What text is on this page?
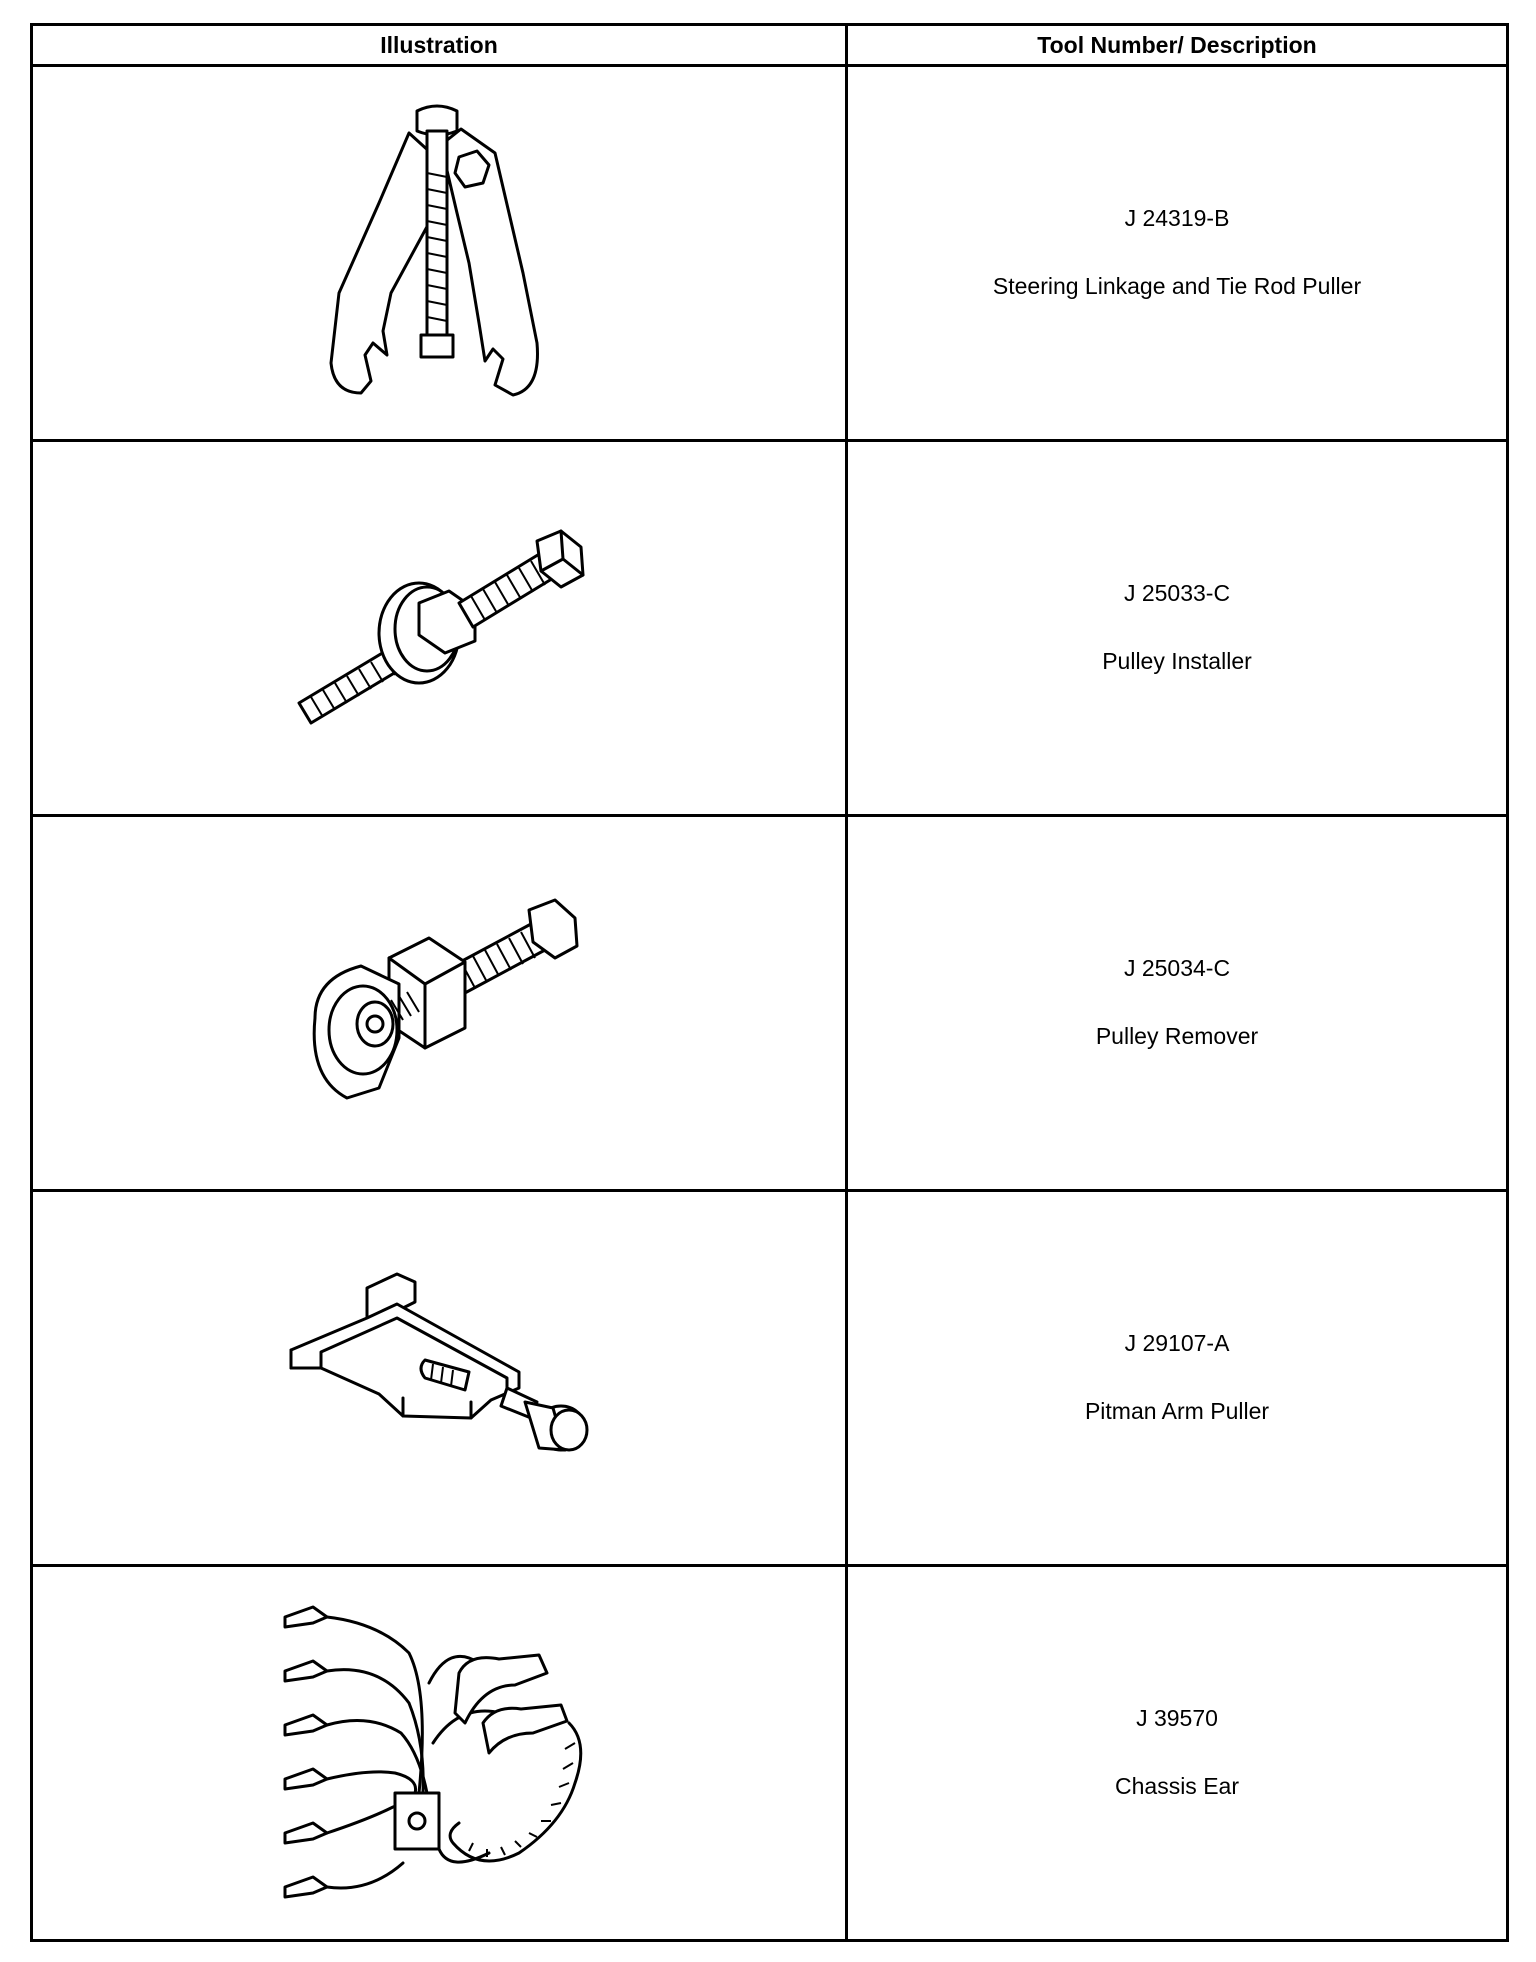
Illustration	Tool Number/ Description

J 24319-B
Steering Linkage and Tie Rod Puller

J 25033-C
Pulley Installer

J 25034-C
Pulley Remover

J 29107-A
Pitman Arm Puller

J 39570
Chassis Ear
